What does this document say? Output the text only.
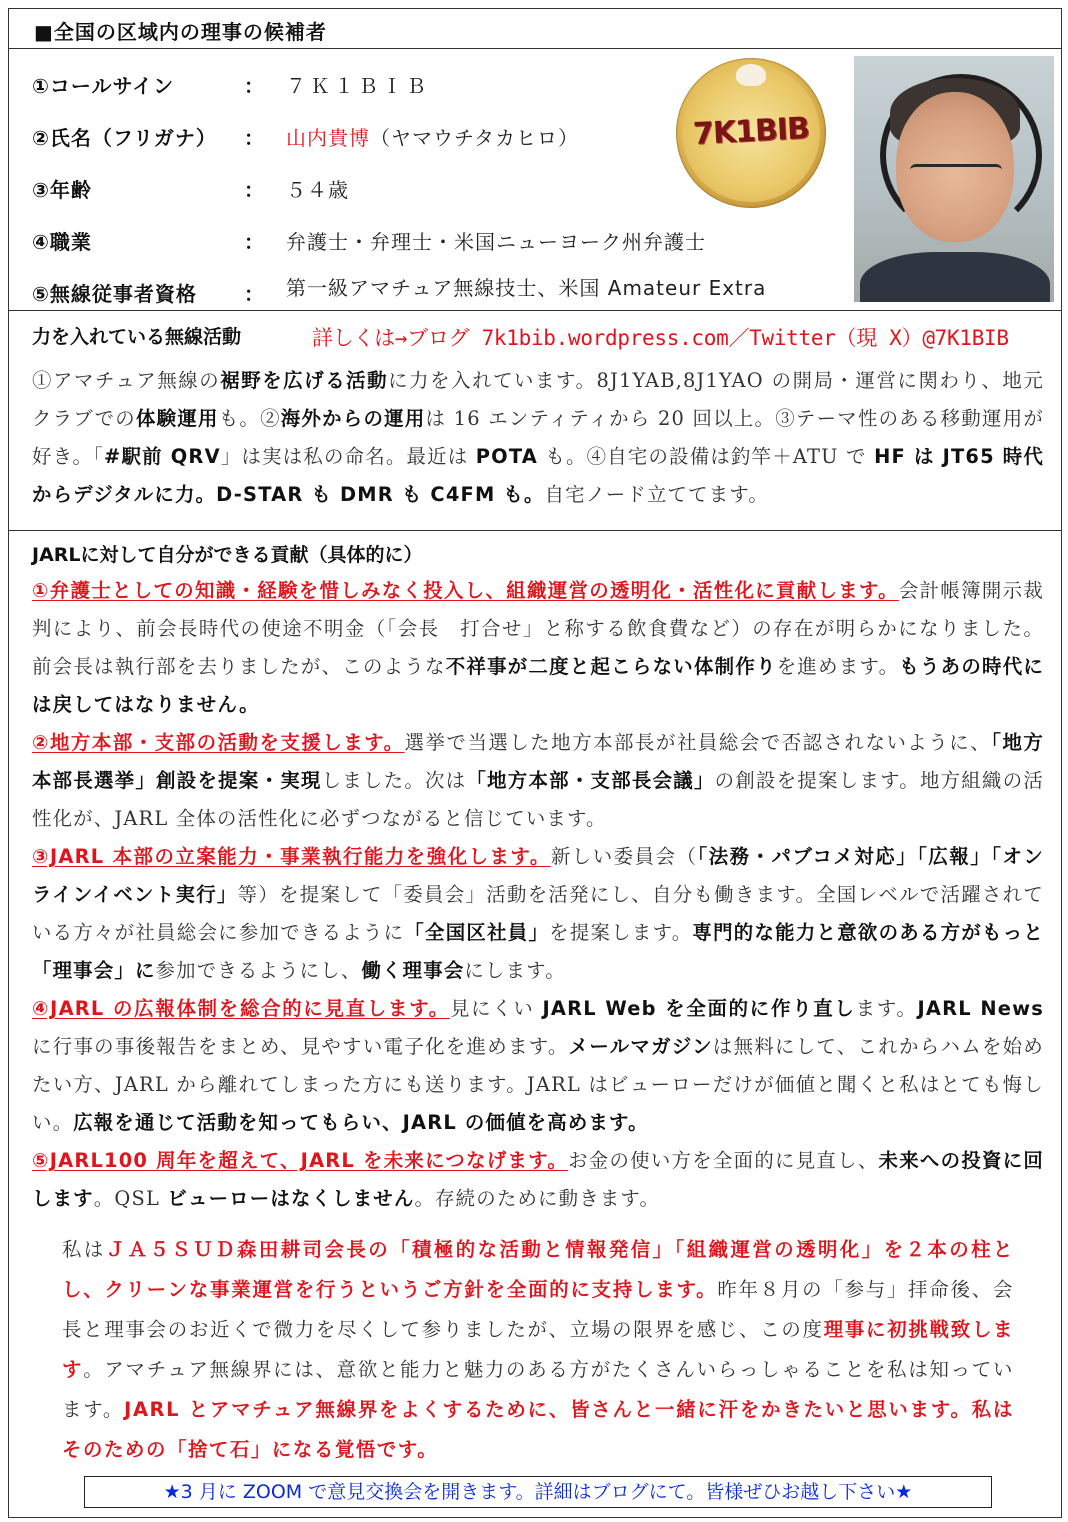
■全国の区域内の理事の候補者
①コールサイン	： ７Ｋ１ＢＩＢ
②氏名（フリガナ） ： 山内貴博（ヤマウチタカヒロ）
③年齢	： ５４歳
④職業	： 弁護士・弁理士・米国ニューヨーク州弁護士
⑤無線従事者資格 ： 第一級アマチュア無線技士、米国 Amateur Extra
7K1BIB
力を入れている無線活動	詳しくは→ブログ 7k1bib.wordpress.com／Twitter（現 X）@7K1BIB
①アマチュア無線の裾野を広げる活動に力を入れています。8J1YAB,8J1YAO の開局・運営に関わり、地元クラブでの体験運用も。②海外からの運用は 16 エンティティから 20 回以上。③テーマ性のある移動運用が好き。「#駅前 QRV」は実は私の命名。最近は POTA も。④自宅の設備は釣竿＋ATU で HF は JT65 時代からデジタルに力。D-STAR も DMR も C4FM も。自宅ノード立ててます。
JARLに対して自分ができる貢献（具体的に）
①弁護士としての知識・経験を惜しみなく投入し、組織運営の透明化・活性化に貢献します。会計帳簿開示裁判により、前会長時代の使途不明金（「会長　打合せ」と称する飲食費など）の存在が明らかになりました。前会長は執行部を去りましたが、このような不祥事が二度と起こらない体制作りを進めます。もうあの時代には戻してはなりません。
②地方本部・支部の活動を支援します。選挙で当選した地方本部長が社員総会で否認されないように、「地方本部長選挙」創設を提案・実現しました。次は「地方本部・支部長会議」の創設を提案します。地方組織の活性化が、JARL 全体の活性化に必ずつながると信じています。
③JARL 本部の立案能力・事業執行能力を強化します。新しい委員会（「法務・パブコメ対応」「広報」「オンラインイベント実行」等）を提案して「委員会」活動を活発にし、自分も働きます。全国レベルで活躍されている方々が社員総会に参加できるように「全国区社員」を提案します。専門的な能力と意欲のある方がもっと「理事会」に参加できるようにし、働く理事会にします。
④JARL の広報体制を総合的に見直します。見にくい JARL Web を全面的に作り直します。JARL News に行事の事後報告をまとめ、見やすい電子化を進めます。メールマガジンは無料にして、これからハムを始めたい方、JARL から離れてしまった方にも送ります。JARL はビューローだけが価値と聞くと私はとても悔しい。広報を通じて活動を知ってもらい、JARL の価値を高めます。
⑤JARL100 周年を超えて、JARL を未来につなげます。お金の使い方を全面的に見直し、未来への投資に回します。QSL ビューローはなくしません。存続のために動きます。
私はＪＡ５ＳＵＤ森田耕司会長の「積極的な活動と情報発信」「組織運営の透明化」を２本の柱とし、クリーンな事業運営を行うというご方針を全面的に支持します。昨年８月の「参与」拝命後、会長と理事会のお近くで微力を尽くして参りましたが、立場の限界を感じ、この度理事に初挑戦致します。アマチュア無線界には、意欲と能力と魅力のある方がたくさんいらっしゃることを私は知っています。JARL とアマチュア無線界をよくするために、皆さんと一緒に汗をかきたいと思います。私はそのための「捨て石」になる覚悟です。
★3 月に ZOOM で意見交換会を開きます。詳細はブログにて。皆様ぜひお越し下さい★
